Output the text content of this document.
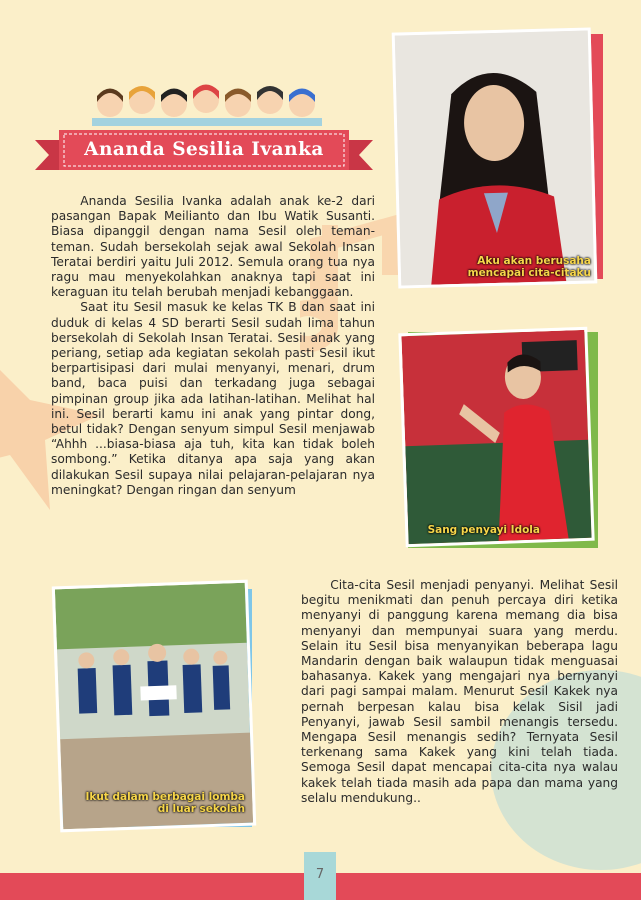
Ananda Sesilia Ivanka

Ananda Sesilia Ivanka adalah anak ke-2 dari pasangan Bapak Meilianto dan Ibu Watik Susanti. Biasa dipanggil dengan nama Sesil oleh teman-teman. Sudah bersekolah sejak awal Sekolah Insan Teratai berdiri yaitu Juli 2012. Semula orang tua nya ragu mau menyekolahkan anaknya tapi saat ini keraguan itu telah berubah menjadi kebanggaan.

Saat itu Sesil masuk ke kelas TK B dan saat ini duduk di kelas 4 SD berarti Sesil sudah lima tahun bersekolah di Sekolah Insan Teratai. Sesil anak yang periang, setiap ada kegiatan sekolah pasti Sesil ikut berpartisipasi dari mulai menyanyi, menari, drum band, baca puisi dan terkadang juga sebagai pimpinan group jika ada latihan-latihan. Melihat hal ini. Sesil berarti kamu ini anak yang pintar dong, betul tidak? Dengan senyum simpul Sesil menjawab “Ahhh ...biasa-biasa aja tuh, kita kan tidak boleh sombong.” Ketika ditanya apa saja yang akan dilakukan Sesil supaya nilai pelajaran-pelajaran nya meningkat? Dengan ringan dan senyum

Cita-cita Sesil menjadi penyanyi. Melihat Sesil begitu menikmati dan penuh percaya diri ketika menyanyi di panggung karena memang dia bisa menyanyi dan mempunyai suara yang merdu. Selain itu Sesil bisa menyanyikan beberapa lagu Mandarin dengan baik walaupun tidak menguasai bahasanya. Kakek yang mengajari nya bernyanyi dari pagi sampai malam. Menurut Sesil Kakek nya pernah berpesan kalau bisa kelak Sisil jadi Penyanyi, jawab Sesil sambil menangis tersedu. Mengapa Sesil menangis sedih? Ternyata Sesil terkenang sama Kakek yang kini telah tiada. Semoga Sesil dapat mencapai cita-cita nya walau kakek telah tiada masih ada papa dan mama yang selalu mendukung..

Aku akan berusaha
mencapai cita-citaku
Sang penyayi Idola
Ikut dalam berbagai lomba
di luar sekolah
7
